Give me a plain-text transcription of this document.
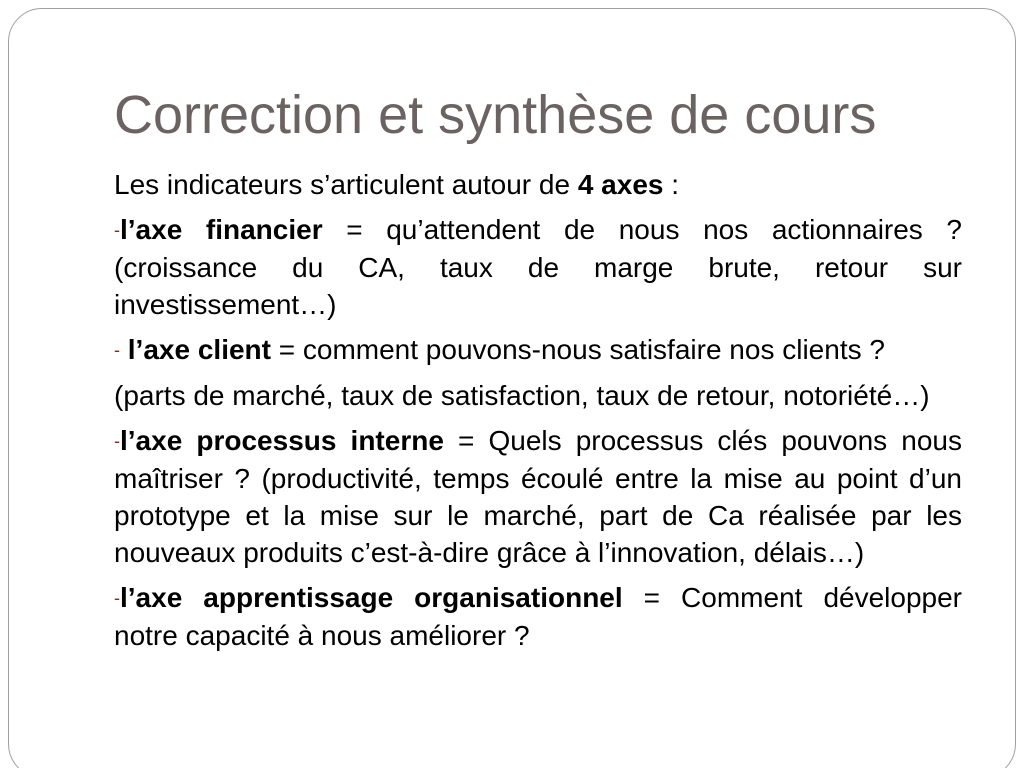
Correction et synthèse de cours

Les indicateurs s’articulent autour de 4 axes :

-l’axe financier = qu’attendent de nous nos actionnaires ? (croissance du CA, taux de marge brute, retour sur investissement…)

- l’axe client = comment pouvons-nous satisfaire nos clients ?

(parts de marché, taux de satisfaction, taux de retour, notoriété…)

-l’axe processus interne = Quels processus clés pouvons nous maîtriser ? (productivité, temps écoulé entre la mise au point d’un prototype et la mise sur le marché, part de Ca réalisée par les nouveaux produits c’est-à-dire grâce à l’innovation, délais…)

-l’axe apprentissage organisationnel = Comment développer notre capacité à nous améliorer ?
